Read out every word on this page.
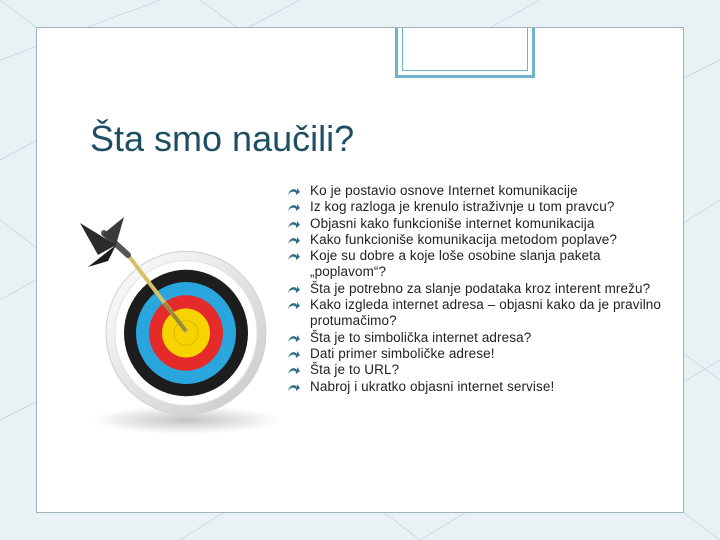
Šta smo naučili?
Ko je postavio osnove Internet komunikacije
Iz kog razloga je krenulo istraživnje u tom pravcu?
Objasni kako funkcioniše internet komunikacija
Kako funkcioniše komunikacija metodom poplave?
Koje su dobre a koje loše osobine slanja paketa „poplavom“?
Šta je potrebno za slanje podataka kroz interent mrežu?
Kako izgleda internet adresa – objasni kako da je pravilno protumačimo?
Šta je to simbolička internet adresa?
Dati primer simboličke adrese!
Šta je to URL?
Nabroj i ukratko objasni internet servise!
